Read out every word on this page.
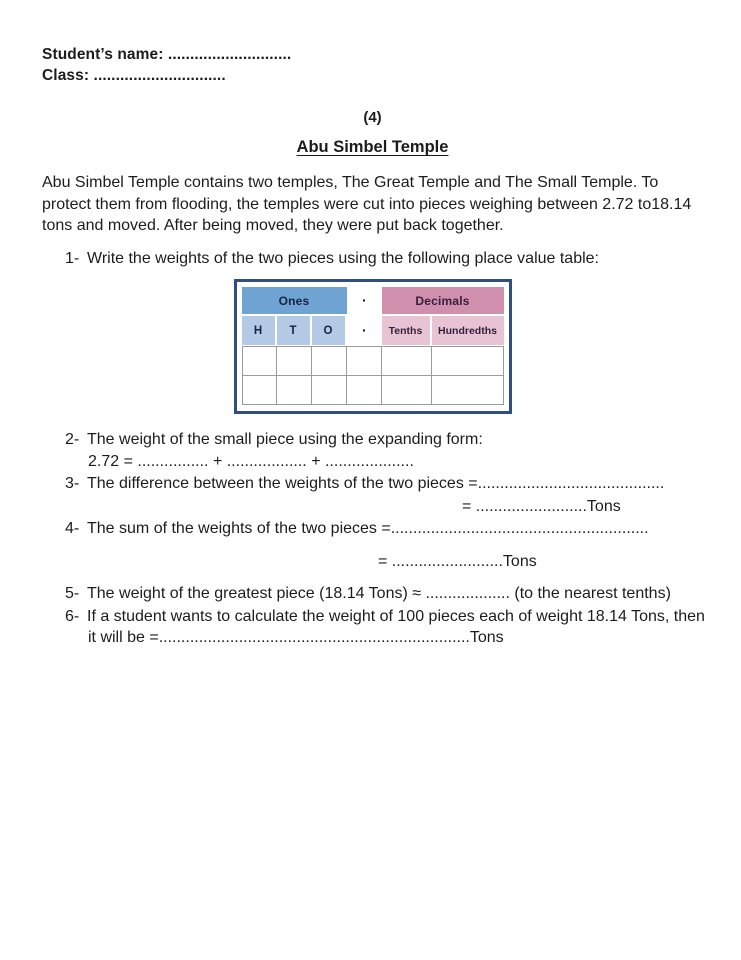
Student’s name: ............................
Class: ..............................
(4)
Abu Simbel Temple
Abu Simbel Temple contains two temples, The Great Temple and The Small Temple. To protect them from flooding, the temples were cut into pieces weighing between 2.72 to18.14 tons and moved. After being moved, they were put back together.
1- Write the weights of the two pieces using the following place value table:
Ones	.	Decimals
H	T	O	.	Tenths	Hundredths
2- The weight of the small piece using the expanding form:
2.72 = ................ + .................. + ....................
3- The difference between the weights of the two pieces =..........................................
= .........................Tons
4- The sum of the weights of the two pieces =..........................................................
= .........................Tons
5- The weight of the greatest piece (18.14 Tons) ≈ ................... (to the nearest tenths)
6- If a student wants to calculate the weight of 100 pieces each of weight 18.14 Tons, then
it will be =......................................................................Tons
